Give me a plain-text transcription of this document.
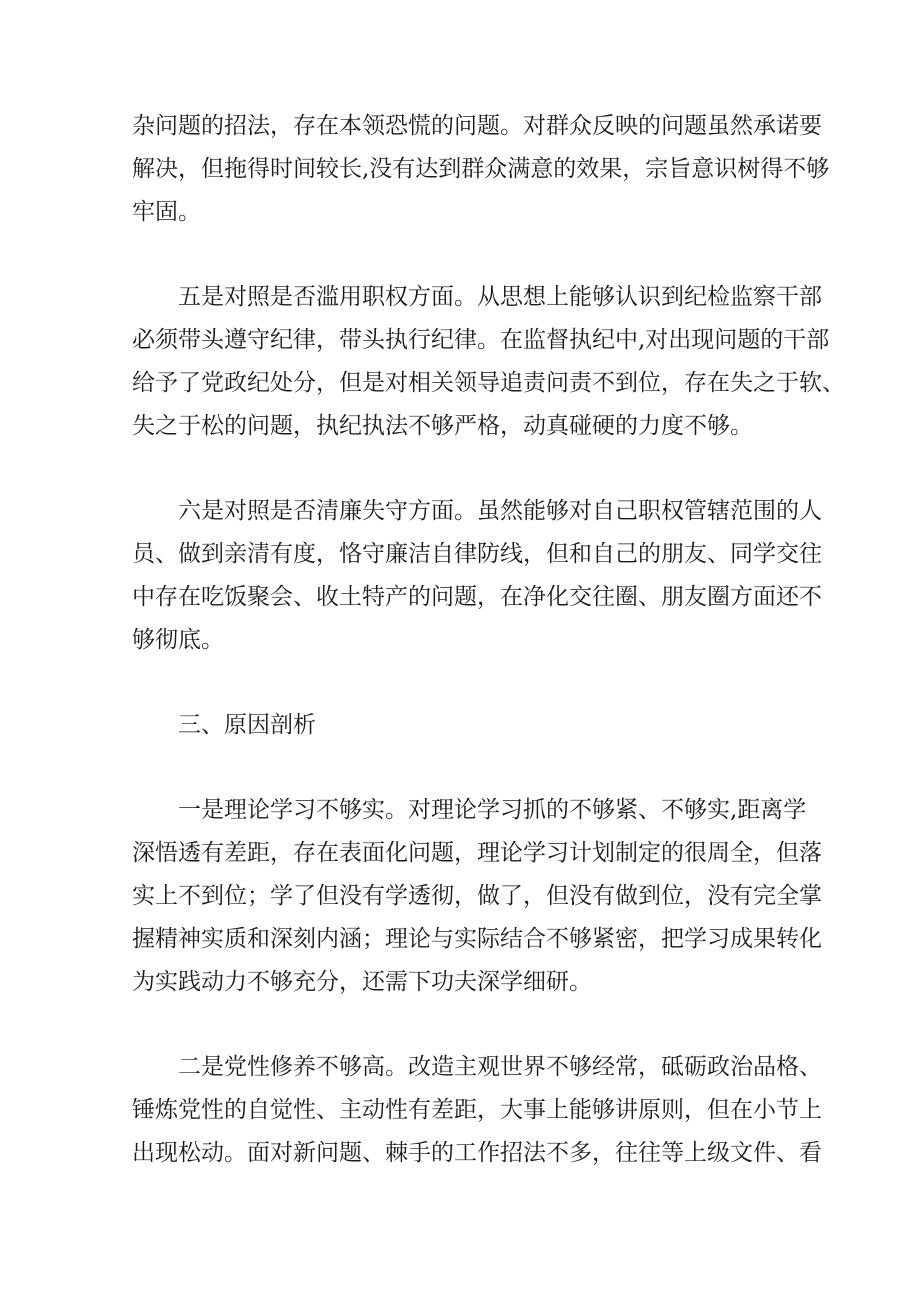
杂问题的招法，存在本领恐慌的问题。对群众反映的问题虽然承诺要
解决，但拖得时间较长,没有达到群众满意的效果，宗旨意识树得不够
牢固。
五是对照是否滥用职权方面。从思想上能够认识到纪检监察干部
必须带头遵守纪律，带头执行纪律。在监督执纪中,对出现问题的干部
给予了党政纪处分，但是对相关领导追责问责不到位，存在失之于软、
失之于松的问题，执纪执法不够严格，动真碰硬的力度不够。
六是对照是否清廉失守方面。虽然能够对自己职权管辖范围的人
员、做到亲清有度，恪守廉洁自律防线，但和自己的朋友、同学交往
中存在吃饭聚会、收土特产的问题，在净化交往圈、朋友圈方面还不
够彻底。
三、原因剖析
一是理论学习不够实。对理论学习抓的不够紧、不够实,距离学
深悟透有差距，存在表面化问题，理论学习计划制定的很周全，但落
实上不到位；学了但没有学透彻，做了，但没有做到位，没有完全掌
握精神实质和深刻内涵；理论与实际结合不够紧密，把学习成果转化
为实践动力不够充分，还需下功夫深学细研。
二是党性修养不够高。改造主观世界不够经常，砥砺政治品格、
锤炼党性的自觉性、主动性有差距，大事上能够讲原则，但在小节上
出现松动。面对新问题、棘手的工作招法不多，往往等上级文件、看
